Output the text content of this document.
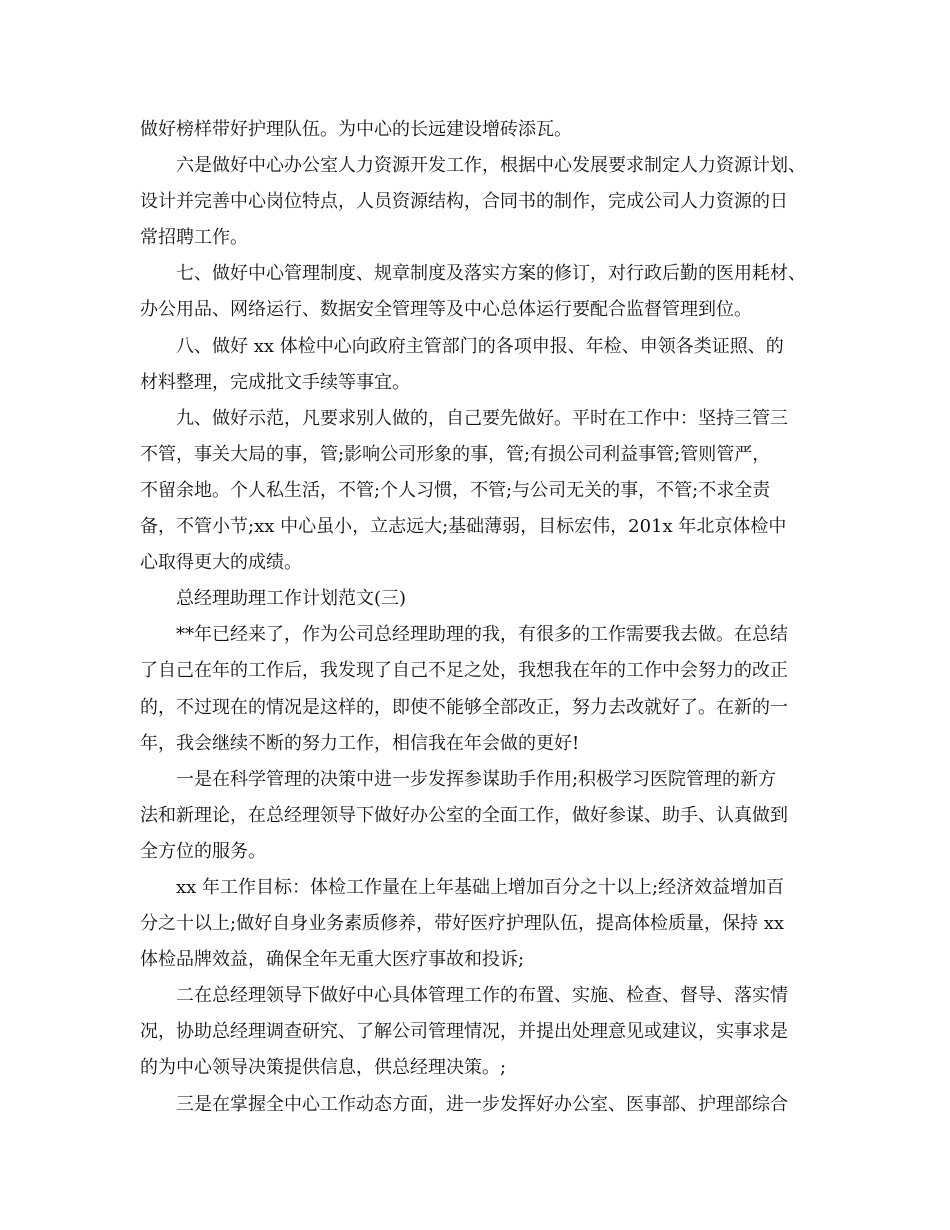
做好榜样带好护理队伍。为中心的长远建设增砖添瓦。
六是做好中心办公室人力资源开发工作，根据中心发展要求制定人力资源计划、
设计并完善中心岗位特点，人员资源结构，合同书的制作，完成公司人力资源的日
常招聘工作。
七、做好中心管理制度、规章制度及落实方案的修订，对行政后勤的医用耗材、
办公用品、网络运行、数据安全管理等及中心总体运行要配合监督管理到位。
八、做好 xx 体检中心向政府主管部门的各项申报、年检、申领各类证照、的
材料整理，完成批文手续等事宜。
九、做好示范，凡要求别人做的，自己要先做好。平时在工作中：坚持三管三
不管，事关大局的事，管;影响公司形象的事，管;有损公司利益事管;管则管严，
不留余地。个人私生活，不管;个人习惯，不管;与公司无关的事，不管;不求全责
备，不管小节;xx 中心虽小，立志远大;基础薄弱，目标宏伟，201x 年北京体检中
心取得更大的成绩。
总经理助理工作计划范文(三)
**年已经来了，作为公司总经理助理的我，有很多的工作需要我去做。在总结
了自己在年的工作后，我发现了自己不足之处，我想我在年的工作中会努力的改正
的，不过现在的情况是这样的，即使不能够全部改正，努力去改就好了。在新的一
年，我会继续不断的努力工作，相信我在年会做的更好!
一是在科学管理的决策中进一步发挥参谋助手作用;积极学习医院管理的新方
法和新理论，在总经理领导下做好办公室的全面工作，做好参谋、助手、认真做到
全方位的服务。
xx 年工作目标：体检工作量在上年基础上增加百分之十以上;经济效益增加百
分之十以上;做好自身业务素质修养，带好医疗护理队伍，提高体检质量，保持 xx
体检品牌效益，确保全年无重大医疗事故和投诉;
二在总经理领导下做好中心具体管理工作的布置、实施、检查、督导、落实情
况，协助总经理调查研究、了解公司管理情况，并提出处理意见或建议，实事求是
的为中心领导决策提供信息，供总经理决策。;
三是在掌握全中心工作动态方面，进一步发挥好办公室、医事部、护理部综合
